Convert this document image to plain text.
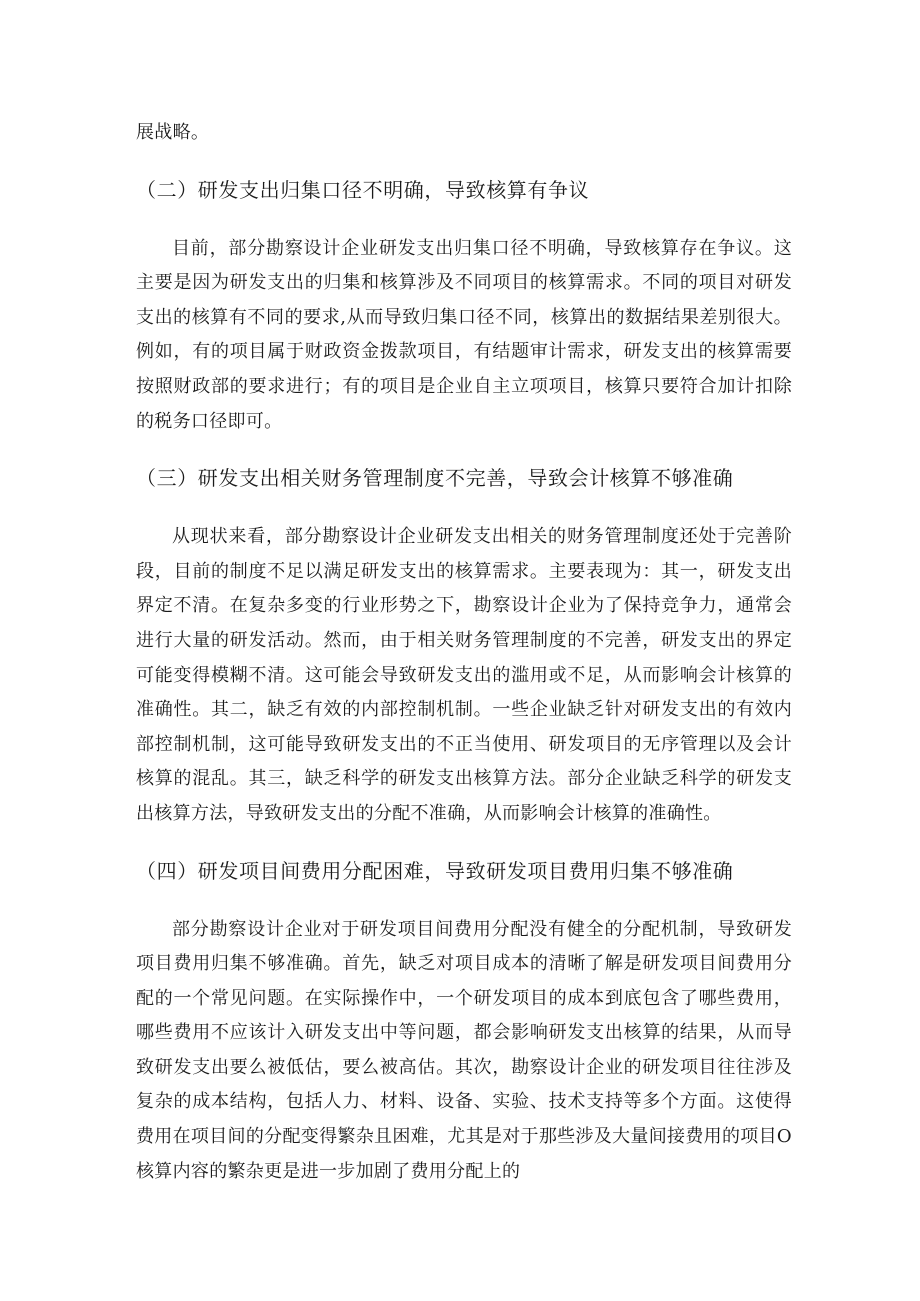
展战略。

（二）研发支出归集口径不明确，导致核算有争议

目前，部分勘察设计企业研发支出归集口径不明确，导致核算存在争议。这主要是因为研发支出的归集和核算涉及不同项目的核算需求。不同的项目对研发支出的核算有不同的要求,从而导致归集口径不同，核算出的数据结果差别很大。例如，有的项目属于财政资金拨款项目，有结题审计需求，研发支出的核算需要按照财政部的要求进行；有的项目是企业自主立项项目，核算只要符合加计扣除的税务口径即可。

（三）研发支出相关财务管理制度不完善，导致会计核算不够准确

从现状来看，部分勘察设计企业研发支出相关的财务管理制度还处于完善阶段，目前的制度不足以满足研发支出的核算需求。主要表现为：其一，研发支出界定不清。在复杂多变的行业形势之下，勘察设计企业为了保持竞争力，通常会进行大量的研发活动。然而，由于相关财务管理制度的不完善，研发支出的界定可能变得模糊不清。这可能会导致研发支出的滥用或不足，从而影响会计核算的准确性。其二，缺乏有效的内部控制机制。一些企业缺乏针对研发支出的有效内部控制机制，这可能导致研发支出的不正当使用、研发项目的无序管理以及会计核算的混乱。其三，缺乏科学的研发支出核算方法。部分企业缺乏科学的研发支出核算方法，导致研发支出的分配不准确，从而影响会计核算的准确性。

（四）研发项目间费用分配困难，导致研发项目费用归集不够准确

部分勘察设计企业对于研发项目间费用分配没有健全的分配机制，导致研发项目费用归集不够准确。首先，缺乏对项目成本的清晰了解是研发项目间费用分配的一个常见问题。在实际操作中，一个研发项目的成本到底包含了哪些费用，哪些费用不应该计入研发支出中等问题，都会影响研发支出核算的结果，从而导致研发支出要么被低估，要么被高估。其次，勘察设计企业的研发项目往往涉及复杂的成本结构，包括人力、材料、设备、实验、技术支持等多个方面。这使得费用在项目间的分配变得繁杂且困难，尤其是对于那些涉及大量间接费用的项目O核算内容的繁杂更是进一步加剧了费用分配上的
